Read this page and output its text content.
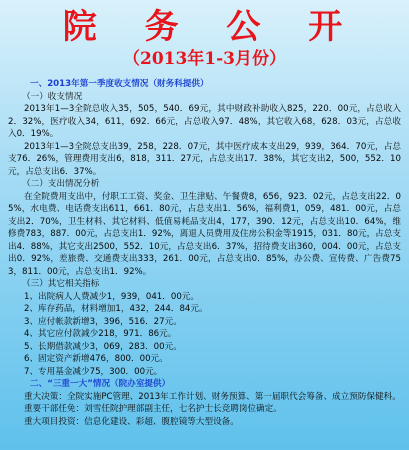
院 务 公 开
（2013年1-3月份）
一、2013年第一季度收支情况（财务科提供）
（一）收支情况
2013年1—3全院总收入35，505，540．69元，其中财政补助收入825，220．00元，占总收入2．32%，医疗收入34，611，692．66元，占总收入97．48%，其它收入68，628．03元，占总收入0．19%。
2013年1—3全院总支出39，258，228．07元，其中医疗成本支出29，939，364．70元，占总支76．26%，管理费用支出6，818，311．27元，占总支出17．38%，其它支出2，500，552．10元，占总支出6．37%。
（二）支出情况分析
在全院费用支出中，付职工工资、奖金、卫生津贴、午餐费8，656，923．02元，占总支出22．05%，水电费、电话费支出611，661．80元，占总支出1．56%，福利费1，059，481．00元，占总支出2．70%，卫生材料、其它材料、低值易耗品支出4，177，390．12元，占总支出10．64%，维修费783，887．00元，占总支出1．92%，离退人员费用及住房公积金等1915，031．80元，占总支出4．88%，其它支出2500，552．10元，占总支出6．37%，招待费支出360，004．00元，占总支出0．92%，差旅费、交通费支出333，261．00元，占总支出0．85%，办公费、宣传费、广告费753，811．00元，占总支出1．92%。
（三）其它相关指标
1、出院病人人费减少1，939，041．00元。
2、库存药品，材料增加1，432，244．84元。
3、应付帐款新增3，396，516．27元。
4、其它应付款减少218，971．86元。
5、长期借款减少3，069，283．00元。
6、固定资产新增476，800．00元。
7、专用基金减少75，300．00元。
二、“三重一大”情况（院办室提供）
重大决策：全院实施PC管理、2013年工作计划、财务预算、第一届职代会筹备、成立预防保健科。
重要干部任免：刘雪任院护理部副主任，七名护士长竞聘岗位确定。
重大项目投资：信息化建设、彩超、腹腔镜等大型设备。
